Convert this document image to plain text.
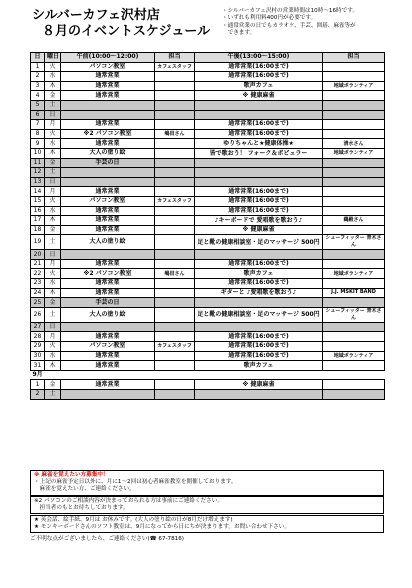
シルバーカフェ沢村店
８月のイベントスケジュール
・シルバーカフェ沢村の営業時間は10時〜16時です。
・いずれも利用料400円が必要です。
・通常営業の日でもカラオケ、手芸、囲碁、麻雀等が
　できます。
日	曜日	午前(10:00〜12:00)	担当	午後(13:00〜15:00)	担当
1	火	パソコン教室	カフェスタッフ	通常営業(16:00まで)	
2	水	通常営業		通常営業(16:00まで)	
3	木	通常営業		歌声カフェ	地域ボランティア
4	金	通常営業		※ 健康麻雀	
5	土				
6	日				
7	月	通常営業		通常営業(16:00まで)	
8	火	※2 パソコン教室	嶋田さん	通常営業(16:00まで)	
9	水	通常営業		ゆりちゃんと★健康体操★	清水さん
10	木	大人の塗り絵		皆で歌おう！ フォーク＆ポピュラー	地域ボランティア
11	金	手芸の日			
12	土				
13	日				
14	月	通常営業		通常営業(16:00まで)	
15	火	パソコン教室	カフェスタッフ	通常営業(16:00まで)	
16	水	通常営業		通常営業(16:00まで)	
17	木	通常営業		♪キーボードで 愛唱歌を歌おう♪	鵜殿さん
18	金	通常営業		※ 健康麻雀	
19	土	大人の塗り絵		足と靴の健康相談室・足のマッサージ 500円	シューフィッター 青木さん
20	日				
21	月	通常営業		通常営業(16:00まで)	
22	火	※2 パソコン教室	嶋田さん	歌声カフェ	地域ボランティア
23	水	通常営業		通常営業(16:00まで)	
24	木	通常営業		ギターと ♪愛唱歌を歌おう♪	J.J. MSKIT BAND
25	金	手芸の日			
26	土	大人の塗り絵		足と靴の健康相談室・足のマッサージ 500円	シューフィッター 青木さん
27	日				
28	月	通常営業		通常営業(16:00まで)	
29	火	パソコン教室	カフェスタッフ	通常営業(16:00まで)	
30	水	通常営業		通常営業(16:00まで)	地域ボランティア
31	木	通常営業		歌声カフェ	
9月					
1	金	通常営業		※ 健康麻雀	
2	土				
※ 麻雀を覚えたい方募集中！
・上記の麻雀予定日以外に、月に1〜2回は初心者麻雀教室を開催しております。
　麻雀を覚えたい方、ご連絡ください。
※2 パソコンのご相談内容が決まっておられる方は事前にご連絡ください。
　担当者のもとお待ちしております。
★ 英会話、絵手紙、9月は お休みです。(大人の塗り絵の日が8月だけ増えます)
★ モンキーボードさんのソフト教室は、9月になってから日にちが決まります。お問い合わせ下さい。
ご不明な点がございましたら、ご連絡ください(☎ 67-7816)
